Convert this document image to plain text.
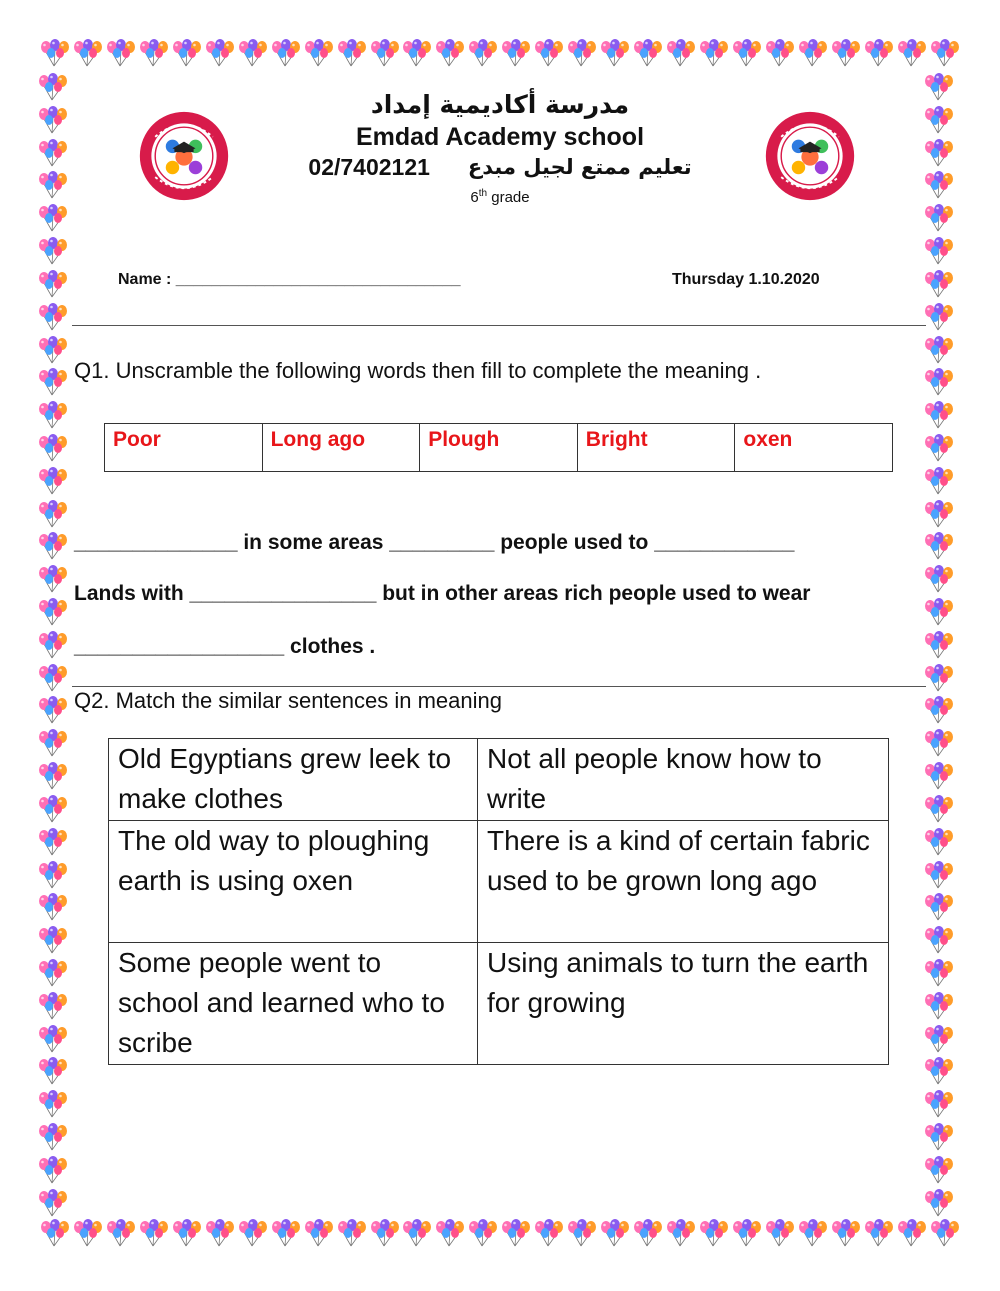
مدرسة أكاديمية إمداد
Emdad Academy school
02/7402121 تعليم ممتع لجيل مبدع
6th grade
Name : ________________________________	Thursday 1.10.2020
Q1. Unscramble the following words then fill to complete the meaning .
Poor	Long ago	Plough	Bright	oxen
______________ in some areas _________ people used to ____________
Lands with ________________ but in other areas rich people used to wear
__________________ clothes .
Q2. Match the similar sentences in meaning
Old Egyptians grew leek to make clothes	Not all people know how to write
The old way to ploughing earth is using oxen	There is a kind of certain fabric used to be grown long ago
Some people went to school and learned who to scribe	Using animals to turn the earth for growing
